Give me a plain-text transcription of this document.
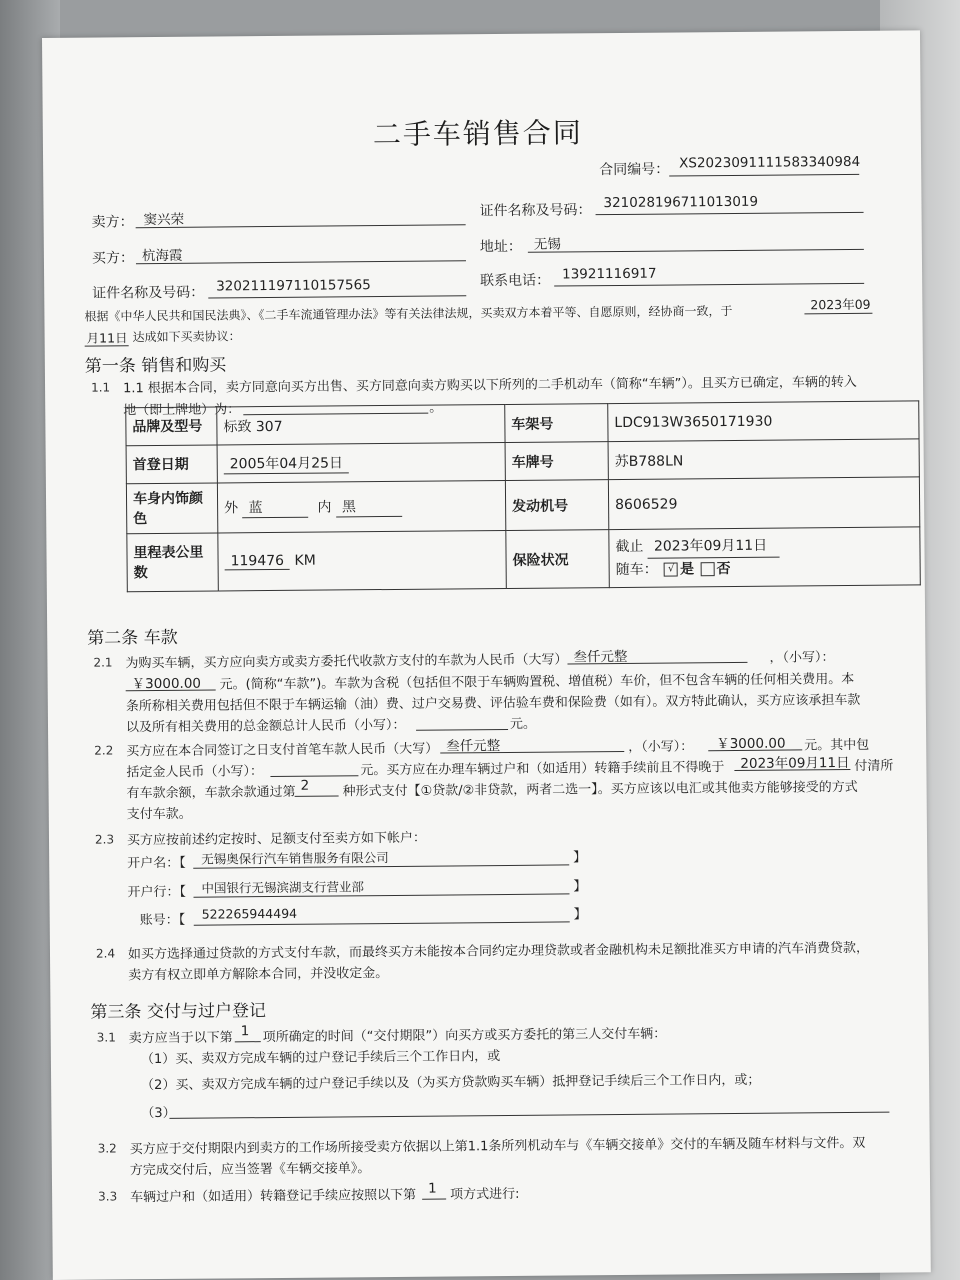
二手车销售合同
合同编号： XS20230911115833409​84
卖方： 窦兴荣
证件名称及号码： 321028196711013019
买方： 杭海霞
地址： 无锡
证件名称及号码： 320211197110157565	联系电话： 13921116917
根据《中华人民共和国民法典》、《二手车流通管理办法》等有关法律法规，买卖双方本着平等、自愿原则，经协商一致，于	2023年09
月11日 达成如下买卖协议：
第一条 销售和购买
1.1 1.1 根据本合同，卖方同意向买方出售、买方同意向卖方购买以下所列的二手机动车（简称“车辆”）。且买方已确定，车辆的转入
地（即上牌地）为：	。
品牌及型号	标致 307	车架号	LDC913W3650171930
首登日期	2005年04月25日	车牌号	苏B788LN
车身内饰颜色	外 蓝 内 黑	发动机号	8606529
里程表公里数	119476 KM	保险状况	截止 2023年09月11日
随车： √ 是 否
第二条 车款
2.1 为购买车辆，买方应向卖方或卖方委托代收款方支付的车款为人民币（大写） 叁仟元整	，（小写）：
￥3000.00 元。(简称“车款”)。车款为含税（包括但不限于车辆购置税、增值税）车价，但不包含车辆的任何相关费用。本
条所称相关费用包括但不限于车辆运输（油）费、过户交易费、评估验车费和保险费（如有）。双方特此确认，买方应该承担车款
以及所有相关费用的总金额总计人民币（小写）：	元。
2.2 买方应在本合同签订之日支付首笔车款人民币（大写） 叁仟元整	，（小写）： ￥3000.00 元。其中包
括定金人民币（小写）：	元。买方应在办理车辆过户和（如适用）转籍手续前且不得晚于 2023年09月11日 付清所
有车款余额，车款余款通过第 2	种形式支付【①贷款/②非贷款，两者二选一】。买方应该以电汇或其他卖方能够接受的方式
支付车款。
2.3 买方应按前述约定按时、足额支付至卖方如下帐户：
开户名：【 无锡奥保行汽车销售服务有限公司	】
开户行：【 中国银行无锡滨湖支行营业部	】
账号：【 522265944494	】
2.4 如买方选择通过贷款的方式支付车款，而最终买方未能按本合同约定办理贷款或者金融机构未足额批准买方申请的汽车消费贷款，
卖方有权立即单方解除本合同，并没收定金。
第三条 交付与过户登记
3.1 卖方应当于以下第 1 项所确定的时间（“交付期限”）向买方或买方委托的第三人交付车辆：
（1）买、卖双方完成车辆的过户登记手续后三个工作日内，或
（2）买、卖双方完成车辆的过户登记手续以及（为买方贷款购买车辆）抵押登记手续后三个工作日内，或；
（3）
3.2 买方应于交付期限内到卖方的工作场所接受卖方依据以上第1.1条所列机动车与《车辆交接单》交付的车辆及随车材料与文件。双
方完成交付后，应当签署《车辆交接单》。
3.3 车辆过户和（如适用）转籍登记手续应按照以下第 1 项方式进行:
